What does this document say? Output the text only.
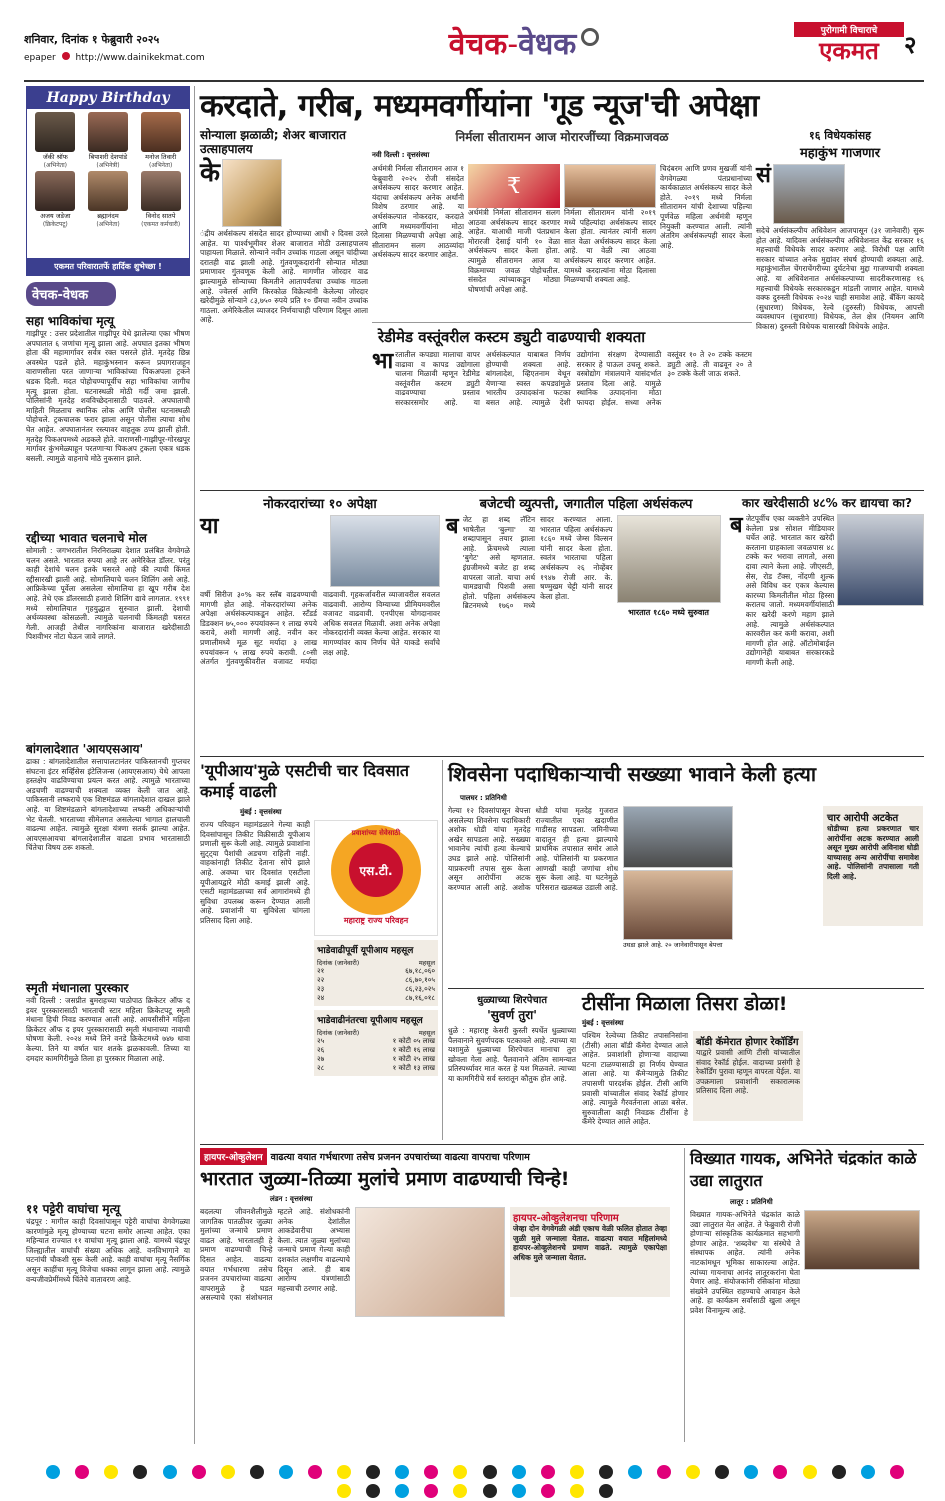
शनिवार, दिनांक १ फेब्रुवारी २०२५
epaper http://www.dainikekmat.com	वेचक-वेधक	पुरोगामी विचाराचे
एकमत	२
Happy Birthday
जॅकी श्रॉफ
(अभिनेता)
बिपाशरी देशपांडे
(अभिनेत्री)
मनोज तिवारी
(अभिनेता)
अजय जडेजा
(क्रिकेटपटू)
ब्रह्मानंदम
(अभिनेता)
विनोद सातपे
(एकमत कर्मचारी)
एकमत परिवारातर्फे हार्दिक शुभेच्छा !
वेचक-वेधक
सहा भाविकांचा मृत्यू
गाझीपूर : उत्तर प्रदेशातील गाझीपूर येथे झालेल्या एका भीषण अपघातात ६ जणांचा मृत्यू झाला आहे. अपघात इतका भीषण होता की महामार्गावर सर्वत्र रक्त पसरले होते. मृतदेह छिन्न अवस्थेत पडले होते. महाकुंभस्नान करून प्रयागराजहून वाराणसीला परत जाणाऱ्या भाविकांच्या पिकअपला ट्रकने धडक दिली. मदत पोहोचण्यापूर्वीच सहा भाविकांचा जागीच मृत्यू झाला होता. घटनास्थळी मोठी गर्दी जमा झाली. पोलिसांनी मृतदेह शवविच्छेदनासाठी पाठवले. अपघाताची माहिती मिळताच स्थानिक लोक आणि पोलीस घटनास्थळी पोहोचले. ट्रकचालक फरार झाला असून पोलीस त्याचा शोध घेत आहेत. अपघातानंतर रस्त्यावर वाहतूक ठप्प झाली होती. मृतदेह पिकअपमध्ये अडकले होते. वाराणसी-गाझीपूर-गोरखपूर मार्गावर कुंभमेळ्याहून परतणाऱ्या पिकअप ट्रकला एकत्र धडक बसली. त्यामुळे वाहनाचे मोठे नुकसान झाले.
रद्दीच्या भावात चलनाचे मोल
सोमाली : जगभरातील निरनिराळ्या देशात प्रलंबित वेगवेगळे चलन असते. भारतात रुपया आहे तर अमेरिकेत डॉलर. परंतु काही देशांचे चलन इतके घसरले आहे की त्याची किंमत रद्दीसारखी झाली आहे. सोमालियाचे चलन शिलिंग असे आहे. आफ्रिकेच्या पूर्वेला असलेला सोमालिया हा खूप गरीब देश आहे. तेथे एक डॉलरसाठी हजारो शिलिंग द्यावे लागतात. १९९१ मध्ये सोमालियात गृहयुद्धात सुरुवात झाली. देशाची अर्थव्यवस्था कोसळली. त्यामुळे चलनाची किंमतही घसरत गेली. आजही तेथील नागरिकांना बाजारात खरेदीसाठी पिशवीभर नोटा घेऊन जावे लागते.
बांगलादेशात 'आयएसआय'
ढाका : बांगलादेशातील सत्तापालटानंतर पाकिस्तानची गुप्तचर संघटना इंटर सर्व्हिसेस इंटेलिजन्स (आयएसआय) येथे आपला हस्तक्षेप वाढविण्याचा प्रयत्न करत आहे. त्यामुळे भारताच्या अडचणी वाढण्याची शक्यता व्यक्त केली जात आहे. पाकिस्तानी लष्कराचे एक शिष्टमंडळ बांगलादेशात दाखल झाले आहे. या शिष्टमंडळाने बांगलादेशाच्या लष्करी अधिकाऱ्यांची भेट घेतली. भारताच्या सीमेलगत असलेल्या भागात हालचाली वाढल्या आहेत. त्यामुळे सुरक्षा यंत्रणा सतर्क झाल्या आहेत. आयएसआयचा बांगलादेशातील वाढता प्रभाव भारतासाठी चिंतेचा विषय ठरू शकतो.
स्मृती मंधानाला पुरस्कार
नवी दिल्ली : जसप्रीत बुमराहच्या पाठोपाठ क्रिकेटर ऑफ द इयर पुरस्कारासाठी भारताची स्टार महिला क्रिकेटपटू स्मृती मंधाना हिची निवड करण्यात आली आहे. आयसीसीने महिला क्रिकेटर ऑफ द इयर पुरस्कारासाठी स्मृती मंधानाच्या नावाची घोषणा केली. २०२४ मध्ये तिने वनडे क्रिकेटमध्ये ७४७ धावा केल्या. तिने या वर्षात चार शतके झळकावली. तिच्या या दमदार कामगिरीमुळे तिला हा पुरस्कार मिळाला आहे.
११ पट्टेरी वाघांचा मृत्यू
चंद्रपूर : मागील काही दिवसांपासून पट्टेरी वाघांचा वेगवेगळ्या कारणांमुळे मृत्यू होण्याच्या घटना समोर आल्या आहेत. एका महिन्यात राज्यात ११ वाघांचा मृत्यू झाला आहे. यामध्ये चंद्रपूर जिल्ह्यातील वाघांची संख्या अधिक आहे. वनविभागाने या घटनांची चौकशी सुरू केली आहे. काही वाघांचा मृत्यू नैसर्गिक असून काहींचा मृत्यू विजेचा धक्का लागून झाला आहे. त्यामुळे वन्यजीवप्रेमींमध्ये चिंतेचे वातावरण आहे.
करदाते, गरीब, मध्यमवर्गीयांना 'गूड न्यूज'ची अपेक्षा
सोन्याला झळाळी; शेअर बाजारात उत्साहपालय
के
ंद्रीय अर्थसंकल्प संसदेत सादर होण्याच्या आधी २ दिवस उरले आहेत. या पार्श्वभूमीवर शेअर बाजारात मोठी उत्साहपालय पाहायला मिळाले. सोन्याने नवीन उच्चांक गाठला असून चांदीच्या दरातही वाढ झाली आहे. गुंतवणूकदारांनी सोन्यात मोठ्या प्रमाणावर गुंतवणूक केली आहे. मागणीत जोरदार वाढ झाल्यामुळे सोन्याच्या किमतीने आतापर्यंतचा उच्चांक गाठला आहे. ज्वेलर्स आणि किरकोळ विक्रेत्यांनी केलेल्या जोरदार खरेदीमुळे सोन्याने ८३,७५० रुपये प्रति १० ग्रॅमचा नवीन उच्चांक गाठला. अमेरिकेतील व्याजदर निर्णयाचाही परिणाम दिसून आला आहे.
निर्मला सीतारामन आज मोरारजींच्या विक्रमाजवळ
नवी दिल्ली : वृत्तसंस्था
अर्थमंत्री निर्मला सीतारामन आज १ फेब्रुवारी २०२५ रोजी संसदेत अर्थसंकल्प सादर करणार आहेत. यंदाचा अर्थसंकल्प अनेक अर्थांनी विशेष ठरणार आहे. या अर्थसंकल्पात नोकरदार, करदाते आणि मध्यमवर्गीयांना मोठा दिलासा मिळण्याची अपेक्षा आहे. सीतारामन सलग आठव्यांदा अर्थसंकल्प सादर करणार आहेत.
₹
अर्थमंत्री निर्मला सीतारामन सलग आठवा अर्थसंकल्प सादर करणार आहेत. याआधी माजी पंतप्रधान मोरारजी देसाई यांनी १० वेळा अर्थसंकल्प सादर केला होता. त्यामुळे सीतारामन आज या विक्रमाच्या जवळ पोहोचतील. संसदेत त्यांच्याकडून मोठ्या घोषणांची अपेक्षा आहे.
निर्मला सीतारामन यांनी २०१९ मध्ये पहिल्यांदा अर्थसंकल्प सादर केला होता. त्यानंतर त्यांनी सलग सात वेळा अर्थसंकल्प सादर केला आहे. या वेळी त्या आठवा अर्थसंकल्प सादर करणार आहेत. यामध्ये करदात्यांना मोठा दिलासा मिळण्याची शक्यता आहे.
चिदंबरम आणि प्रणव मुखर्जी यांनी वेगवेगळ्या पंतप्रधानांच्या कार्यकाळात अर्थसंकल्प सादर केले होते. २०१९ मध्ये निर्मला सीतारामन यांची देशाच्या पहिल्या पूर्णवेळ महिला अर्थमंत्री म्हणून नियुक्ती करण्यात आली. त्यांनी अंतरिम अर्थसंकल्पही सादर केला आहे.
रेडीमेड वस्तूंवरील कस्टम ड्युटी वाढण्याची शक्यता
भा रतातील कपड्या मालाचा वापर वाढावा व कापड उद्योगाला चालना मिळावी म्हणून रेडीमेड वस्तूंवरील कस्टम ड्युटी वाढवण्याचा प्रस्ताव सरकारसमोर आहे. या अर्थसंकल्पात याबाबत निर्णय होण्याची शक्यता आहे. बांगलादेश, व्हिएतनाम येथून येणाऱ्या स्वस्त कपड्यांमुळे भारतीय उत्पादकांना फटका बसत आहे. त्यामुळे देशी उद्योगांना संरक्षण देण्यासाठी सरकार हे पाऊल उचलू शकते. वस्त्रोद्योग मंत्रालयाने यासंदर्भात प्रस्ताव दिला आहे. यामुळे स्थानिक उत्पादनांना मोठा फायदा होईल. सध्या अनेक वस्तूंवर १० ते २० टक्के कस्टम ड्युटी आहे. ती वाढवून २० ते ३० टक्के केली जाऊ शकते.
१६ विधेयकांसह
महाकुंभ गाजणार
सं
सदेचे अर्थसंकल्पीय अधिवेशन आजपासून (३१ जानेवारी) सुरू होत आहे. यादिवस अर्थसंकल्पीय अधिवेशनात केंद्र सरकार १६ महत्त्वाची विधेयके सादर करणार आहे. विरोधी पक्ष आणि सरकार यांच्यात अनेक मुद्यांवर संघर्ष होण्याची शक्यता आहे. महाकुंभातील चेंगराचेंगरीच्या दुर्घटनेचा मुद्दा गाजण्याची शक्यता आहे. या अधिवेशनात अर्थसंकल्पाच्या सादरीकरणासह १६ महत्त्वाची विधेयके सरकारकडून मांडली जाणार आहेत. यामध्ये वक्फ दुरुस्ती विधेयक २०२४ चाही समावेश आहे. बँकिंग कायदे (सुधारणा) विधेयक, रेल्वे (दुरुस्ती) विधेयक, आपत्ती व्यवस्थापन (सुधारणा) विधेयक, तेल क्षेत्र (नियमन आणि विकास) दुरुस्ती विधेयक यासारखी विधेयके आहेत.
नोकरदारांच्या १० अपेक्षा
या
वर्षी सिरीज ३०% कर स्लॅब वाढवण्याची मागणी होत आहे. नोकरदारांच्या अनेक अपेक्षा अर्थसंकल्पाकडून आहेत. स्टँडर्ड डिडक्शन ७५,००० रुपयांवरून १ लाख रुपये करावे, अशी मागणी आहे. नवीन कर प्रणालीमध्ये मूळ सूट मर्यादा ३ लाख रुपयांवरून ५ लाख रुपये करावी. ८०सी अंतर्गत गुंतवणुकीवरील वजावट मर्यादा वाढवावी. गृहकर्जावरील व्याजावरील सवलत वाढवावी. आरोग्य विम्याच्या प्रीमियमवरील वजावट वाढवावी. एनपीएस योगदानावर अधिक सवलत मिळावी. अशा अनेक अपेक्षा नोकरदारांनी व्यक्त केल्या आहेत. सरकार या मागण्यांवर काय निर्णय घेते याकडे सर्वांचे लक्ष आहे.
बजेटची व्युत्पत्ती, जगातील पहिला अर्थसंकल्प
ब जेट हा शब्द लॅटिन भाषेतील 'बुल्गा' या शब्दापासून तयार झाला आहे. फ्रेंचमध्ये त्याला 'बुगेट' असे म्हणतात. इंग्रजीमध्ये बजेट हा शब्द वापरला जातो. याचा अर्थ चामड्याची पिशवी असा होतो. पहिला अर्थसंकल्प ब्रिटनमध्ये १७६० मध्ये सादर करण्यात आला. भारतात पहिला अर्थसंकल्प १८६० मध्ये जेम्स विल्सन यांनी सादर केला होता. स्वतंत्र भारताचा पहिला अर्थसंकल्प २६ नोव्हेंबर १९४७ रोजी आर. के. षण्मुखम चेट्टी यांनी सादर केला होता.
भारतात १८६० मध्ये सुरुवात
कार खरेदीसाठी ४८% कर द्यायचा का?
ब जेटपूर्वीच एका व्यक्तीने उपस्थित केलेला प्रश्न सोशल मीडियावर चर्चेत आहे. भारतात कार खरेदी करताना ग्राहकाला जवळपास ४८ टक्के कर भरावा लागतो, असा दावा त्याने केला आहे. जीएसटी, सेस, रोड टॅक्स, नोंदणी शुल्क असे विविध कर एकत्र केल्यास कारच्या किमतीतील मोठा हिस्सा करातच जातो. मध्यमवर्गीयांसाठी कार खरेदी करणे महाग झाले आहे. त्यामुळे अर्थसंकल्पात कारवरील कर कमी करावा, अशी मागणी होत आहे. ऑटोमोबाईल उद्योगानेही याबाबत सरकारकडे मागणी केली आहे.
'यूपीआय'मुळे एसटीची चार दिवसात कमाई वाढली
मुंबई : वृत्तसंस्था
राज्य परिवहन महामंडळाने गेल्या काही दिवसांपासून तिकीट विक्रीसाठी यूपीआय प्रणाली सुरू केली आहे. त्यामुळे प्रवाशांना सुट्ट्या पैशांची अडचण राहिली नाही. वाहकांनाही तिकीट देताना सोपे झाले आहे. अवघ्या चार दिवसांत एसटीला यूपीआयद्वारे मोठी कमाई झाली आहे. एसटी महामंडळाच्या सर्व आगारांमध्ये ही सुविधा उपलब्ध करून देण्यात आली आहे. प्रवाशांनी या सुविधेला चांगला प्रतिसाद दिला आहे.
प्रवाशांच्या सेवेसाठी
एस.टी.
महाराष्ट्र राज्य परिवहन
भाडेवाढीपूर्वी यूपीआय महसूल
दिनांक (जानेवारी)	महसूल
२१	६७,१८,०६०
२२	८६,७०,१०५
२३	८६,२३,०२५
२४	८७,१६,०१८
भाडेवाढीनंतरचा यूपीआय महसूल
दिनांक (जानेवारी)	महसूल
२५	१ कोटी ०५ लाख
२६	१ कोटी १६ लाख
२७	१ कोटी २५ लाख
२८	१ कोटी १३ लाख
शिवसेना पदाधिकाऱ्याची सख्ख्या भावाने केली हत्या
पालघर : प्रतिनिधी
गेल्या १२ दिवसांपासून बेपत्ता असलेल्या शिवसेना पदाधिकारी अशोक धोडी यांचा मृतदेह अखेर सापडला आहे. सख्ख्या भावानेच त्यांची हत्या केल्याचे उघड झाले आहे. पोलिसांनी याप्रकरणी तपास सुरू केला असून आरोपींना अटक करण्यात आली आहे. अशोक धोडी यांचा मृतदेह गुजरात राज्यातील एका खदाणीत गाडीसह सापडला. जमिनीच्या वादातून ही हत्या झाल्याचे प्राथमिक तपासात समोर आले आहे. पोलिसांनी या प्रकरणात आणखी काही जणांचा शोध सुरू केला आहे. या घटनेमुळे परिसरात खळबळ उडाली आहे.
उघडा झाले आहे. २० जानेवारीपासून बेपत्ता
चार आरोपी अटकेत
धोडीच्या हत्या प्रकरणात चार आरोपींना अटक करण्यात आली असून मुख्य आरोपी अविनाश धोडी याच्यासह अन्य आरोपींचा समावेश आहे. पोलिसांनी तपासाला गती दिली आहे.
धुळ्याच्या शिरपेचात
'सुवर्ण तुरा'
धुळे : महाराष्ट्र केसरी कुस्ती स्पर्धेत धुळ्याच्या पैलवानाने सुवर्णपदक पटकावले आहे. त्याच्या या यशामुळे धुळ्याच्या शिरपेचात मानाचा तुरा खोवला गेला आहे. पैलवानाने अंतिम सामन्यात प्रतिस्पर्ध्यावर मात करत हे यश मिळवले. त्याच्या या कामगिरीचे सर्व स्तरातून कौतुक होत आहे.
टीसींना मिळाला तिसरा डोळा!
मुंबई : वृत्तसंस्था
पश्चिम रेल्वेच्या तिकीट तपासनिसांना (टीसी) आता बॉडी कॅमेरा देण्यात आले आहेत. प्रवाशांशी होणाऱ्या वादाच्या घटना टाळण्यासाठी हा निर्णय घेण्यात आला आहे. या कॅमेऱ्यामुळे तिकीट तपासणी पारदर्शक होईल. टीसी आणि प्रवासी यांच्यातील संवाद रेकॉर्ड होणार आहे. त्यामुळे गैरवर्तनाला आळा बसेल. सुरुवातीला काही निवडक टीसींना हे कॅमेरे देण्यात आले आहेत.
बॉडी कॅमेरात होणार रेकॉर्डिंग
याद्वारे प्रवासी आणि टीसी यांच्यातील संवाद रेकॉर्ड होईल. वादाच्या प्रसंगी हे रेकॉर्डिंग पुरावा म्हणून वापरता येईल. या उपक्रमाला प्रवाशांनी सकारात्मक प्रतिसाद दिला आहे.
हायपर-ओव्हुलेशन वाढत्या वयात गर्भधारणा तसेच प्रजनन उपचारांच्या वाढत्या वापराचा परिणाम
भारतात जुळ्या-तिळ्या मुलांचे प्रमाण वाढण्याची चिन्हे!
लंडन : वृत्तसंस्था
बदलत्या जीवनशैलीमुळे जागतिक पातळीवर जुळ्या मुलांच्या जन्माचे प्रमाण वाढत आहे. भारतातही हे प्रमाण वाढण्याची चिन्हे दिसत आहेत. वाढत्या वयात गर्भधारणा तसेच प्रजनन उपचारांच्या वाढत्या वापरामुळे हे घडत असल्याचे एका संशोधनात म्हटले आहे. संशोधकांनी अनेक देशांतील आकडेवारीचा अभ्यास केला. त्यात जुळ्या मुलांच्या जन्माचे प्रमाण गेल्या काही दशकांत लक्षणीय वाढल्याचे दिसून आले. ही बाब आरोग्य यंत्रणांसाठी महत्त्वाची ठरणार आहे.
हायपर-ओव्हुलेशनचा परिणाम
जेव्हा दोन वेगवेगळी अंडी एकाच वेळी फलित होतात तेव्हा जुळी मुले जन्माला येतात. वाढत्या वयात महिलांमध्ये हायपर-ओव्हुलेशनचे प्रमाण वाढते. त्यामुळे एकापेक्षा अधिक मुले जन्माला येतात.
विख्यात गायक, अभिनेते चंद्रकांत काळे उद्या लातुरात
लातूर : प्रतिनिधी
विख्यात गायक-अभिनेते चंद्रकांत काळे उद्या लातुरात येत आहेत. ते फेब्रुवारी रोजी होणाऱ्या सांस्कृतिक कार्यक्रमात सहभागी होणार आहेत. 'शब्दवेध' या संस्थेचे ते संस्थापक आहेत. त्यांनी अनेक नाटकांमधून भूमिका साकारल्या आहेत. त्यांच्या गायनाचा आनंद लातूरकरांना घेता येणार आहे. संयोजकांनी रसिकांना मोठ्या संख्येने उपस्थित राहण्याचे आवाहन केले आहे. हा कार्यक्रम सर्वांसाठी खुला असून प्रवेश विनामूल्य आहे.
